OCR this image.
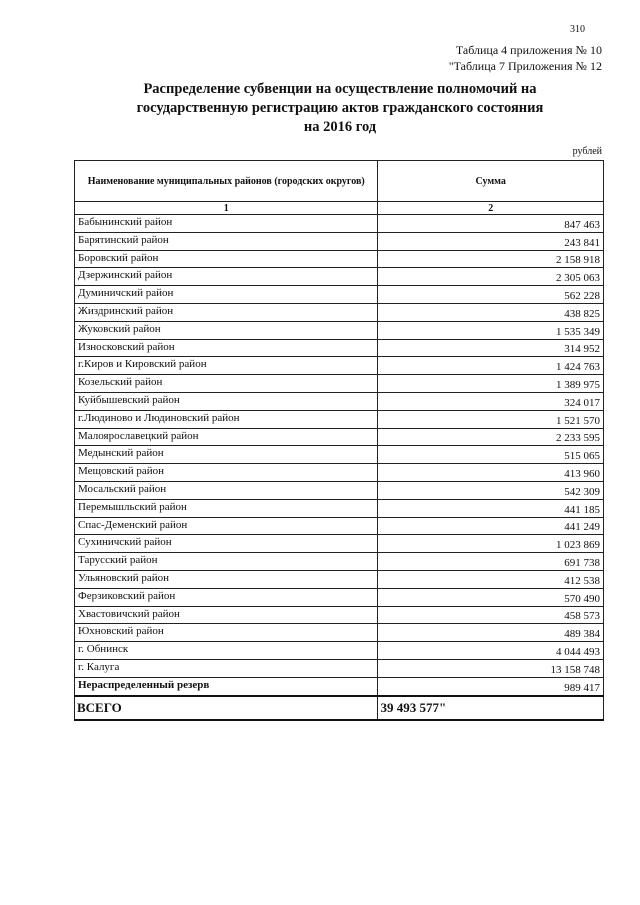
310
Таблица 4 приложения № 10
"Таблица 7 Приложения № 12
Распределение субвенции на осуществление полномочий на
государственную регистрацию актов гражданского состояния
на 2016 год
рублей
Наименование муниципальных районов (городских округов)	Сумма
1	2
Бабынинский район	847 463
Барятинский район	243 841
Боровский район	2 158 918
Дзержинский район	2 305 063
Думиничский район	562 228
Жиздринский район	438 825
Жуковский район	1 535 349
Износковский район	314 952
г.Киров и Кировский район	1 424 763
Козельский район	1 389 975
Куйбышевский район	324 017
г.Людиново и Людиновский район	1 521 570
Малоярославецкий район	2 233 595
Медынский район	515 065
Мещовский район	413 960
Мосальский район	542 309
Перемышльский район	441 185
Спас-Деменский район	441 249
Сухиничский район	1 023 869
Тарусский район	691 738
Ульяновский район	412 538
Ферзиковский район	570 490
Хвастовичский район	458 573
Юхновский район	489 384
г. Обнинск	4 044 493
г. Калуга	13 158 748
Нераспределенный резерв	989 417
ВСЕГО	39 493 577"
